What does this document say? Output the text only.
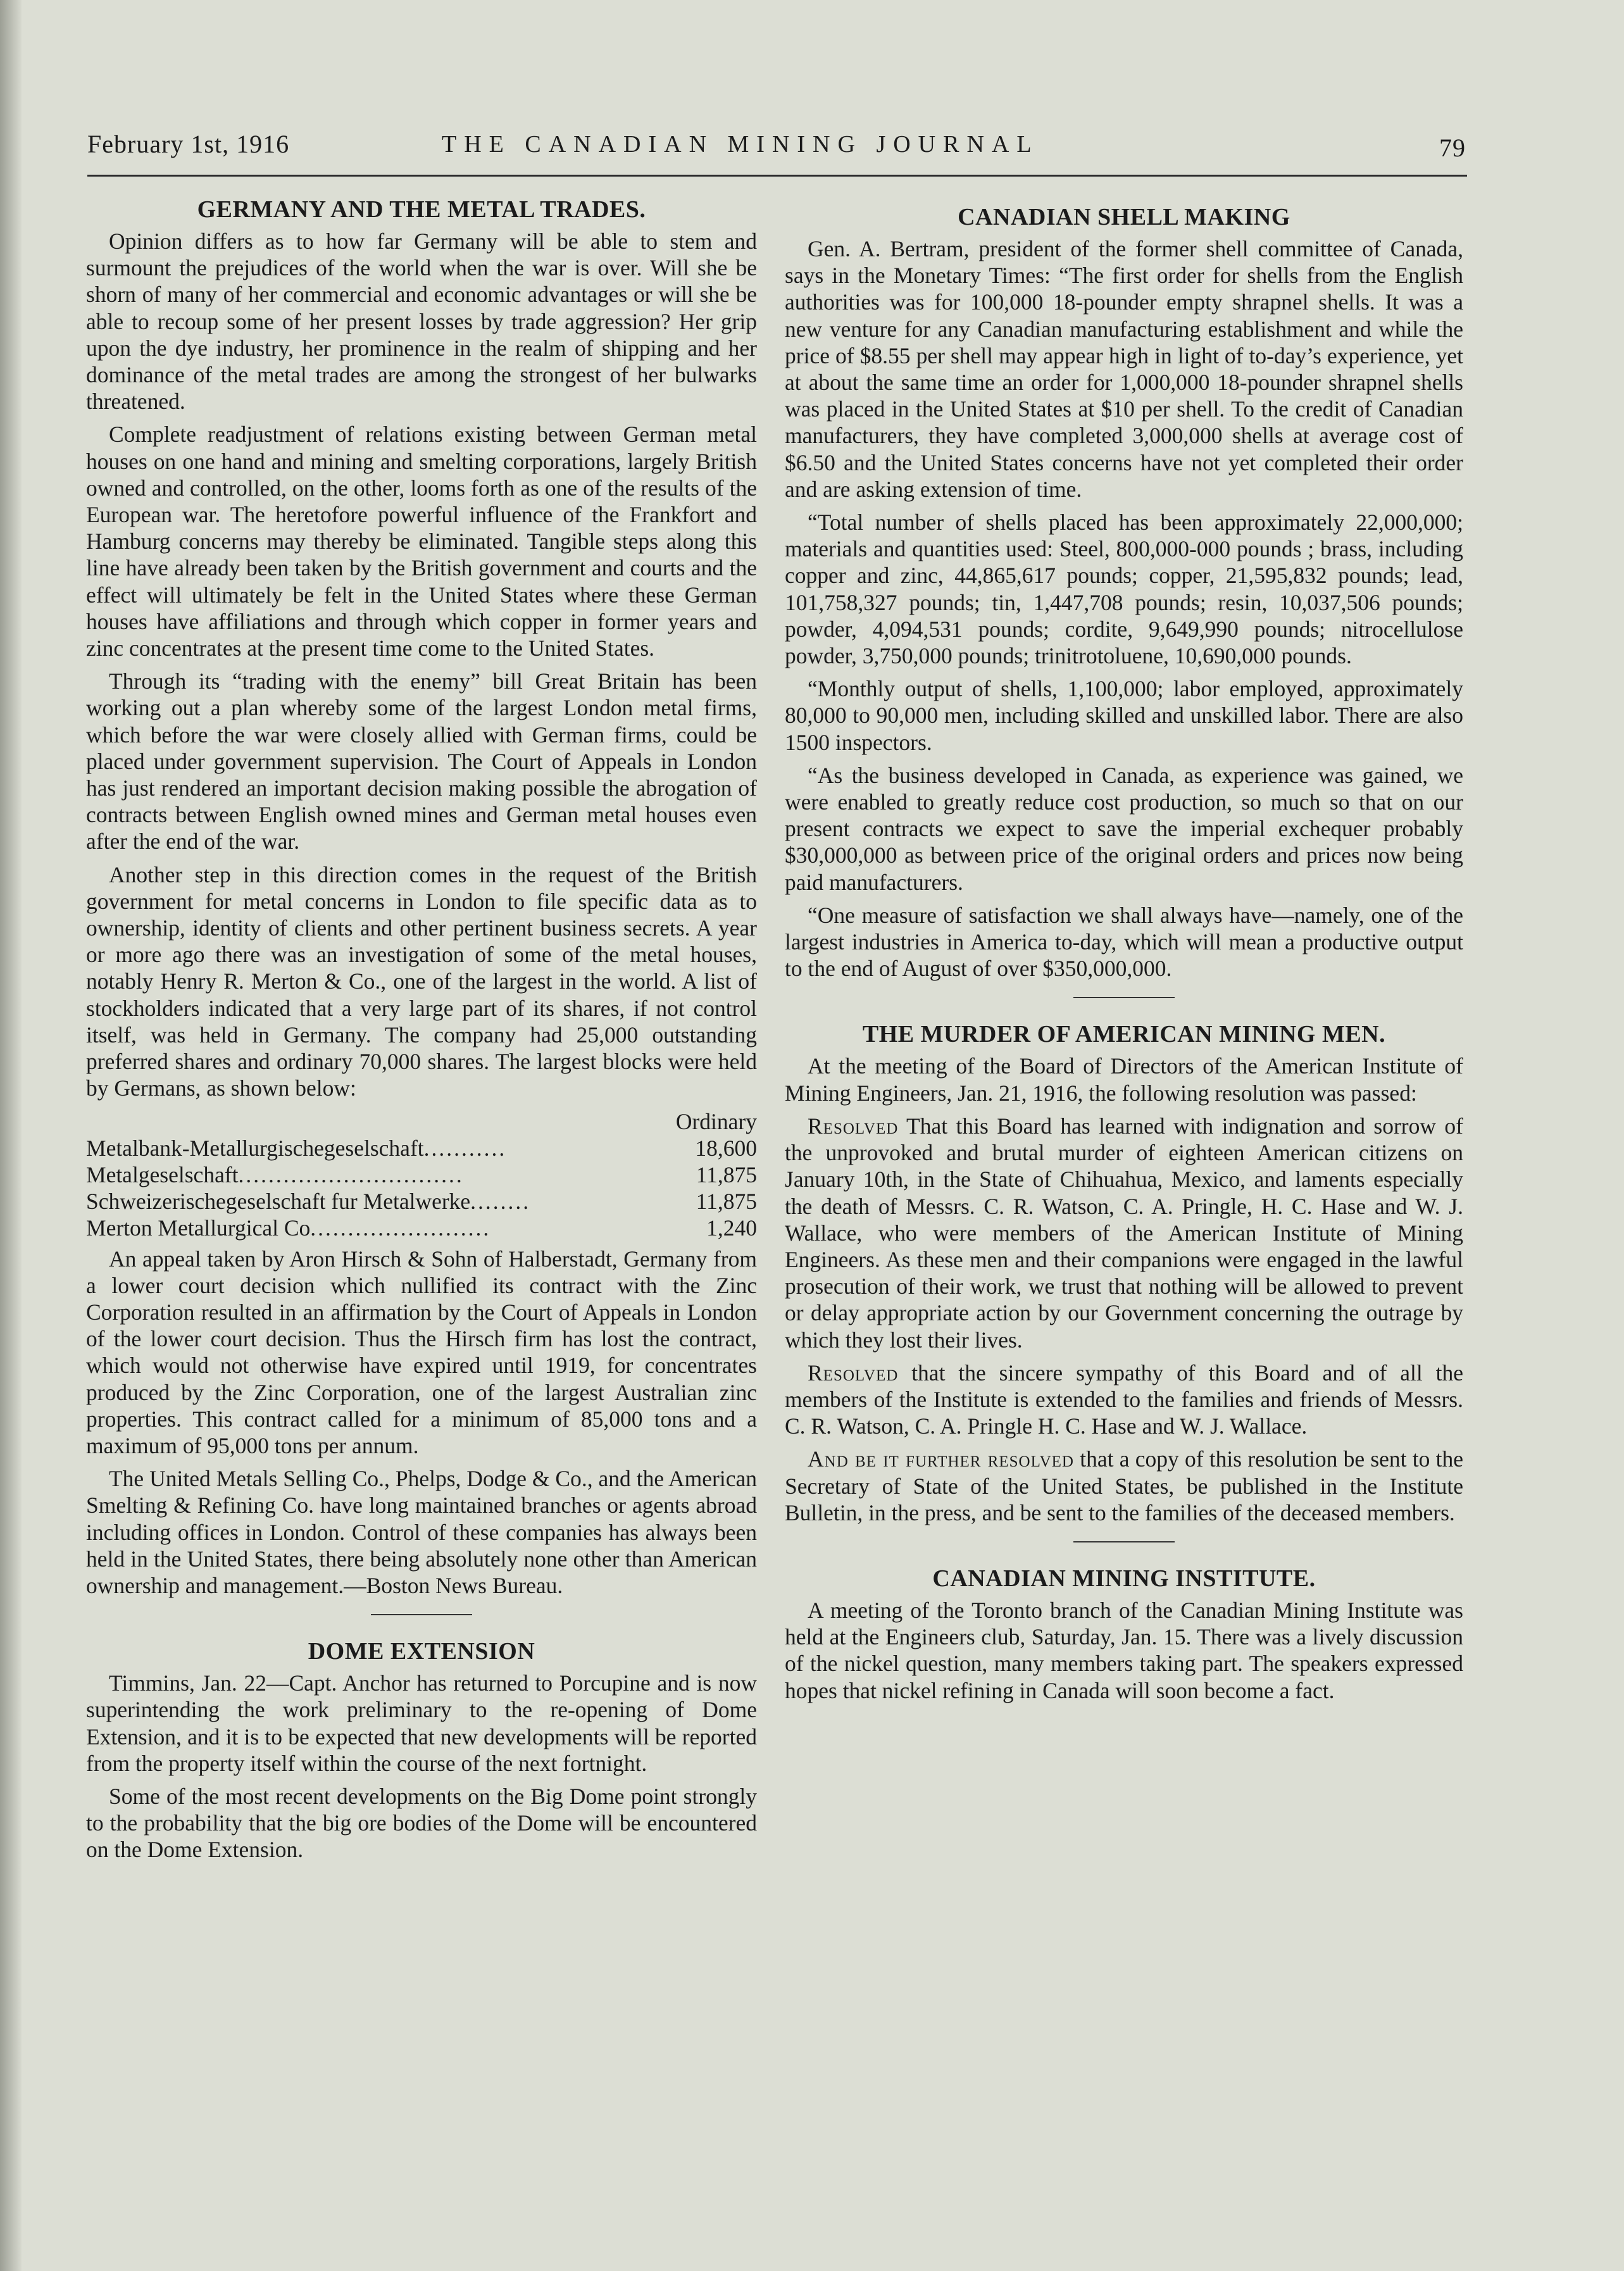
February 1st, 1916	THE CANADIAN MINING JOURNAL	79
GERMANY AND THE METAL TRADES.

Opinion differs as to how far Germany will be able to stem and surmount the prejudices of the world when the war is over. Will she be shorn of many of her commercial and economic advantages or will she be able to recoup some of her present losses by trade aggression? Her grip upon the dye industry, her prominence in the realm of shipping and her dominance of the metal trades are among the strongest of her bulwarks threatened.

Complete readjustment of relations existing between German metal houses on one hand and mining and smelting corporations, largely British owned and controlled, on the other, looms forth as one of the results of the European war. The heretofore powerful influence of the Frankfort and Hamburg concerns may thereby be eliminated. Tangible steps along this line have already been taken by the British government and courts and the effect will ultimately be felt in the United States where these German houses have affiliations and through which copper in former years and zinc concentrates at the present time come to the United States.

Through its “trading with the enemy” bill Great Britain has been working out a plan whereby some of the largest London metal firms, which before the war were closely allied with German firms, could be placed under government supervision. The Court of Appeals in London has just rendered an important decision making possible the abrogation of contracts between English owned mines and German metal houses even after the end of the war.

Another step in this direction comes in the request of the British government for metal concerns in London to file specific data as to ownership, identity of clients and other pertinent business secrets. A year or more ago there was an investigation of some of the metal houses, notably Henry R. Merton & Co., one of the largest in the world. A list of stockholders indicated that a very large part of its shares, if not control itself, was held in Germany. The company had 25,000 outstanding preferred shares and ordinary 70,000 shares. The largest blocks were held by Germans, as shown below:

Ordinary
Metalbank-Metallurgischegeselschaft ...........	18,600
Metalgeselschaft ..............................	11,875
Schweizerischegeselschaft fur Metalwerke ........	11,875
Merton Metallurgical Co ........................	1,240

An appeal taken by Aron Hirsch & Sohn of Halberstadt, Germany from a lower court decision which nullified its contract with the Zinc Corporation resulted in an affirmation by the Court of Appeals in London of the lower court decision. Thus the Hirsch firm has lost the contract, which would not otherwise have expired until 1919, for concentrates produced by the Zinc Corporation, one of the largest Australian zinc properties. This contract called for a minimum of 85,000 tons and a maximum of 95,000 tons per annum.

The United Metals Selling Co., Phelps, Dodge & Co., and the American Smelting & Refining Co. have long maintained branches or agents abroad including offices in London. Control of these companies has always been held in the United States, there being absolutely none other than American ownership and management.—Boston News Bureau.

DOME EXTENSION

Timmins, Jan. 22—Capt. Anchor has returned to Porcupine and is now superintending the work preliminary to the re-opening of Dome Extension, and it is to be expected that new developments will be reported from the property itself within the course of the next fortnight.

Some of the most recent developments on the Big Dome point strongly to the probability that the big ore bodies of the Dome will be encountered on the Dome Extension.

CANADIAN SHELL MAKING

Gen. A. Bertram, president of the former shell committee of Canada, says in the Monetary Times: “The first order for shells from the English authorities was for 100,000 18-pounder empty shrapnel shells. It was a new venture for any Canadian manufacturing establishment and while the price of $8.55 per shell may appear high in light of to-day’s experience, yet at about the same time an order for 1,000,000 18-pounder shrapnel shells was placed in the United States at $10 per shell. To the credit of Canadian manufacturers, they have completed 3,000,000 shells at average cost of $6.50 and the United States concerns have not yet completed their order and are asking extension of time.

“Total number of shells placed has been approximately 22,000,000; materials and quantities used: Steel, 800,000-000 pounds ; brass, including copper and zinc, 44,865,617 pounds; copper, 21,595,832 pounds; lead, 101,758,327 pounds; tin, 1,447,708 pounds; resin, 10,037,506 pounds; powder, 4,094,531 pounds; cordite, 9,649,990 pounds; nitrocellulose powder, 3,750,000 pounds; trinitrotoluene, 10,690,000 pounds.

“Monthly output of shells, 1,100,000; labor employed, approximately 80,000 to 90,000 men, including skilled and unskilled labor. There are also 1500 inspectors.

“As the business developed in Canada, as experience was gained, we were enabled to greatly reduce cost production, so much so that on our present contracts we expect to save the imperial exchequer probably $30,000,000 as between price of the original orders and prices now being paid manufacturers.

“One measure of satisfaction we shall always have—namely, one of the largest industries in America to-day, which will mean a productive output to the end of August of over $350,000,000.

THE MURDER OF AMERICAN MINING MEN.

At the meeting of the Board of Directors of the American Institute of Mining Engineers, Jan. 21, 1916, the following resolution was passed:

Resolved That this Board has learned with indignation and sorrow of the unprovoked and brutal murder of eighteen American citizens on January 10th, in the State of Chihuahua, Mexico, and laments especially the death of Messrs. C. R. Watson, C. A. Pringle, H. C. Hase and W. J. Wallace, who were members of the American Institute of Mining Engineers. As these men and their companions were engaged in the lawful prosecution of their work, we trust that nothing will be allowed to prevent or delay appropriate action by our Government concerning the outrage by which they lost their lives.

Resolved that the sincere sympathy of this Board and of all the members of the Institute is extended to the families and friends of Messrs. C. R. Watson, C. A. Pringle H. C. Hase and W. J. Wallace.

And be it further resolved that a copy of this resolution be sent to the Secretary of State of the United States, be published in the Institute Bulletin, in the press, and be sent to the families of the deceased members.

CANADIAN MINING INSTITUTE.

A meeting of the Toronto branch of the Canadian Mining Institute was held at the Engineers club, Saturday, Jan. 15. There was a lively discussion of the nickel question, many members taking part. The speakers expressed hopes that nickel refining in Canada will soon become a fact.
